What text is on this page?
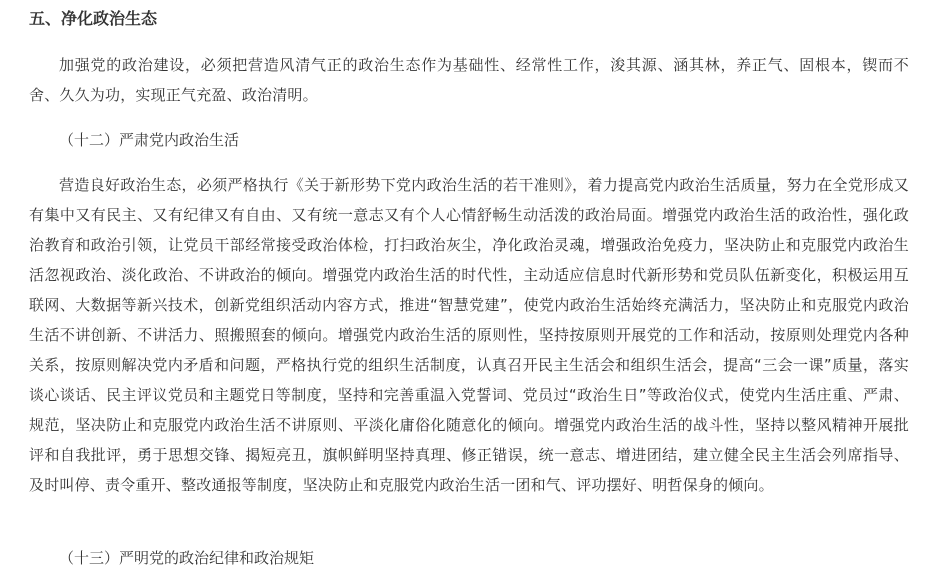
五、净化政治生态

加强党的政治建设，必须把营造风清气正的政治生态作为基础性、经常性工作，浚其源、涵其林，养正气、固根本，锲而不舍、久久为功，实现正气充盈、政治清明。

（十二）严肃党内政治生活

营造良好政治生态，必须严格执行《关于新形势下党内政治生活的若干准则》，着力提高党内政治生活质量，努力在全党形成又有集中又有民主、又有纪律又有自由、又有统一意志又有个人心情舒畅生动活泼的政治局面。增强党内政治生活的政治性，强化政治教育和政治引领，让党员干部经常接受政治体检，打扫政治灰尘，净化政治灵魂，增强政治免疫力，坚决防止和克服党内政治生活忽视政治、淡化政治、不讲政治的倾向。增强党内政治生活的时代性，主动适应信息时代新形势和党员队伍新变化，积极运用互联网、大数据等新兴技术，创新党组织活动内容方式，推进“智慧党建”，使党内政治生活始终充满活力，坚决防止和克服党内政治生活不讲创新、不讲活力、照搬照套的倾向。增强党内政治生活的原则性，坚持按原则开展党的工作和活动，按原则处理党内各种关系，按原则解决党内矛盾和问题，严格执行党的组织生活制度，认真召开民主生活会和组织生活会，提高“三会一课”质量，落实谈心谈话、民主评议党员和主题党日等制度，坚持和完善重温入党誓词、党员过“政治生日”等政治仪式，使党内生活庄重、严肃、规范，坚决防止和克服党内政治生活不讲原则、平淡化庸俗化随意化的倾向。增强党内政治生活的战斗性，坚持以整风精神开展批评和自我批评，勇于思想交锋、揭短亮丑，旗帜鲜明坚持真理、修正错误，统一意志、增进团结，建立健全民主生活会列席指导、及时叫停、责令重开、整改通报等制度，坚决防止和克服党内政治生活一团和气、评功摆好、明哲保身的倾向。

（十三）严明党的政治纪律和政治规矩
